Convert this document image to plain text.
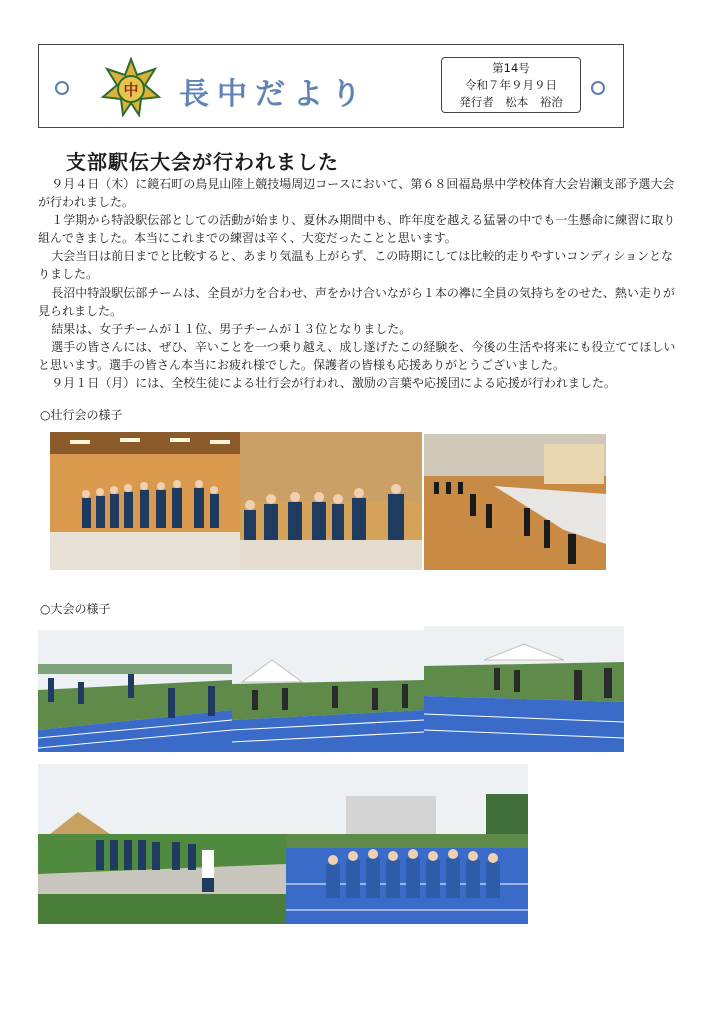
中 長中だより
第14号
令和７年９月９日
発行者　松本　裕治
支部駅伝大会が行われました

９月４日（木）に鏡石町の鳥見山陸上競技場周辺コースにおいて、第６８回福島県中学校体育大会岩瀬支部予選大会が行われました。

１学期から特設駅伝部としての活動が始まり、夏休み期間中も、昨年度を越える猛暑の中でも一生懸命に練習に取り組んできました。本当にこれまでの練習は辛く、大変だったことと思います。

大会当日は前日までと比較すると、あまり気温も上がらず、この時期にしては比較的走りやすいコンディションとなりました。

長沼中特設駅伝部チームは、全員が力を合わせ、声をかけ合いながら１本の襷に全員の気持ちをのせた、熱い走りが見られました。

結果は、女子チームが１１位、男子チームが１３位となりました。

選手の皆さんには、ぜひ、辛いことを一つ乗り越え、成し遂げたこの経験を、今後の生活や将来にも役立ててほしいと思います。選手の皆さん本当にお疲れ様でした。保護者の皆様も応援ありがとうございました。

９月１日（月）には、全校生徒による壮行会が行われ、激励の言葉や応援団による応援が行われました。

○壮行会の様子
○大会の様子
